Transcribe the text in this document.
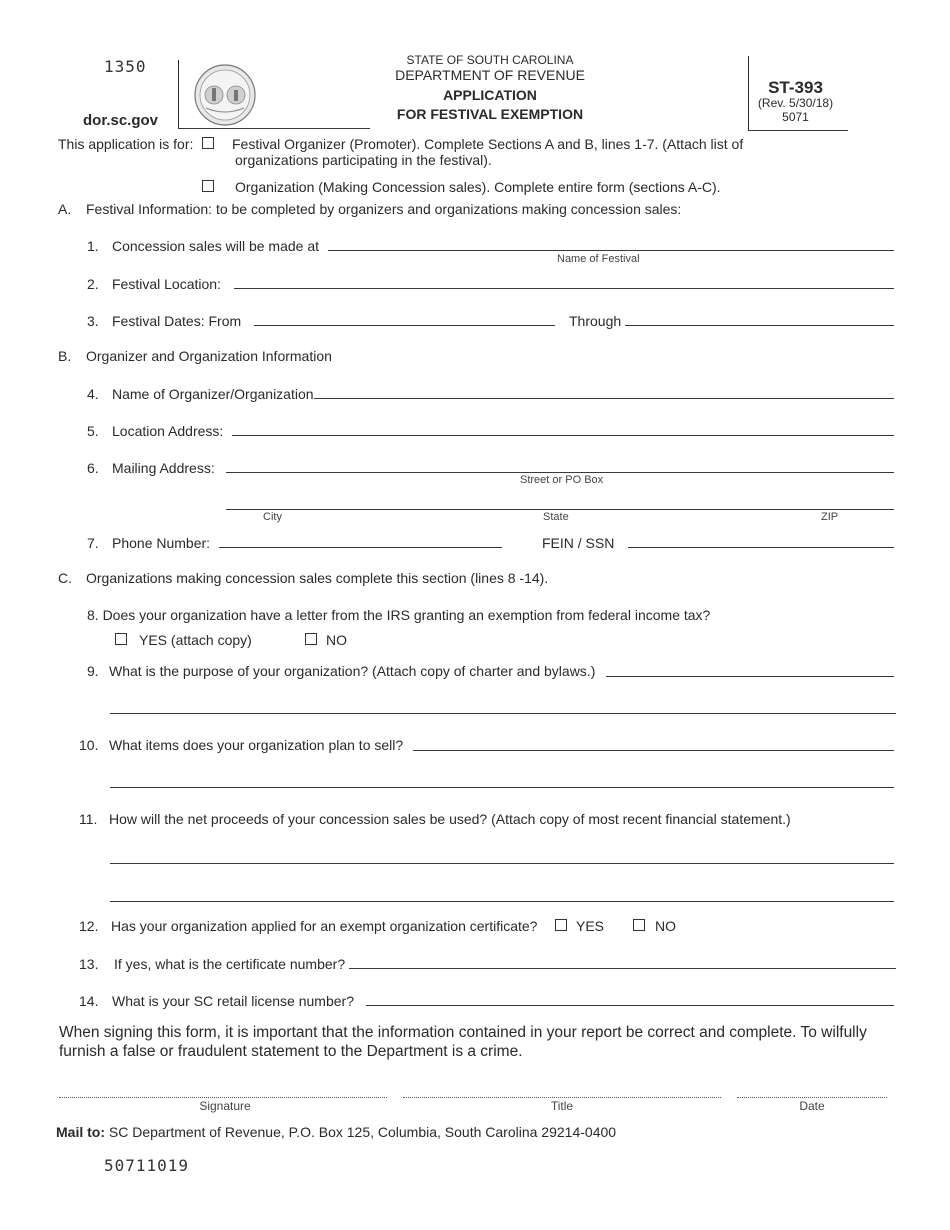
1350
dor.sc.gov
STATE OF SOUTH CAROLINA
DEPARTMENT OF REVENUE
APPLICATION
FOR FESTIVAL EXEMPTION
ST-393
(Rev. 5/30/18)
5071
This application is for:	Festival Organizer (Promoter). Complete Sections A and B, lines 1-7. (Attach list of
organizations participating in the festival).
Organization (Making Concession sales). Complete entire form (sections A-C).
A. Festival Information: to be completed by organizers and organizations making concession sales:
1. Concession sales will be made at
Name of Festival
2. Festival Location:
3. Festival Dates: From	Through
B. Organizer and Organization Information
4. Name of Organizer/Organization
5. Location Address:
6. Mailing Address:
Street or PO Box
City	State	ZIP
7. Phone Number:	FEIN / SSN
C. Organizations making concession sales complete this section (lines 8 -14).
8. Does your organization have a letter from the IRS granting an exemption from federal income tax?
YES (attach copy)	NO
9. What is the purpose of your organization? (Attach copy of charter and bylaws.)
10. What items does your organization plan to sell?
11. How will the net proceeds of your concession sales be used? (Attach copy of most recent financial statement.)
12. Has your organization applied for an exempt organization certificate?	YES	NO
13. If yes, what is the certificate number?
14. What is your SC retail license number?
When signing this form, it is important that the information contained in your report be correct and complete. To wilfully
furnish a false or fraudulent statement to the Department is a crime.
Signature	Title	Date
Mail to: SC Department of Revenue, P.O. Box 125, Columbia, South Carolina 29214-0400
50711019
